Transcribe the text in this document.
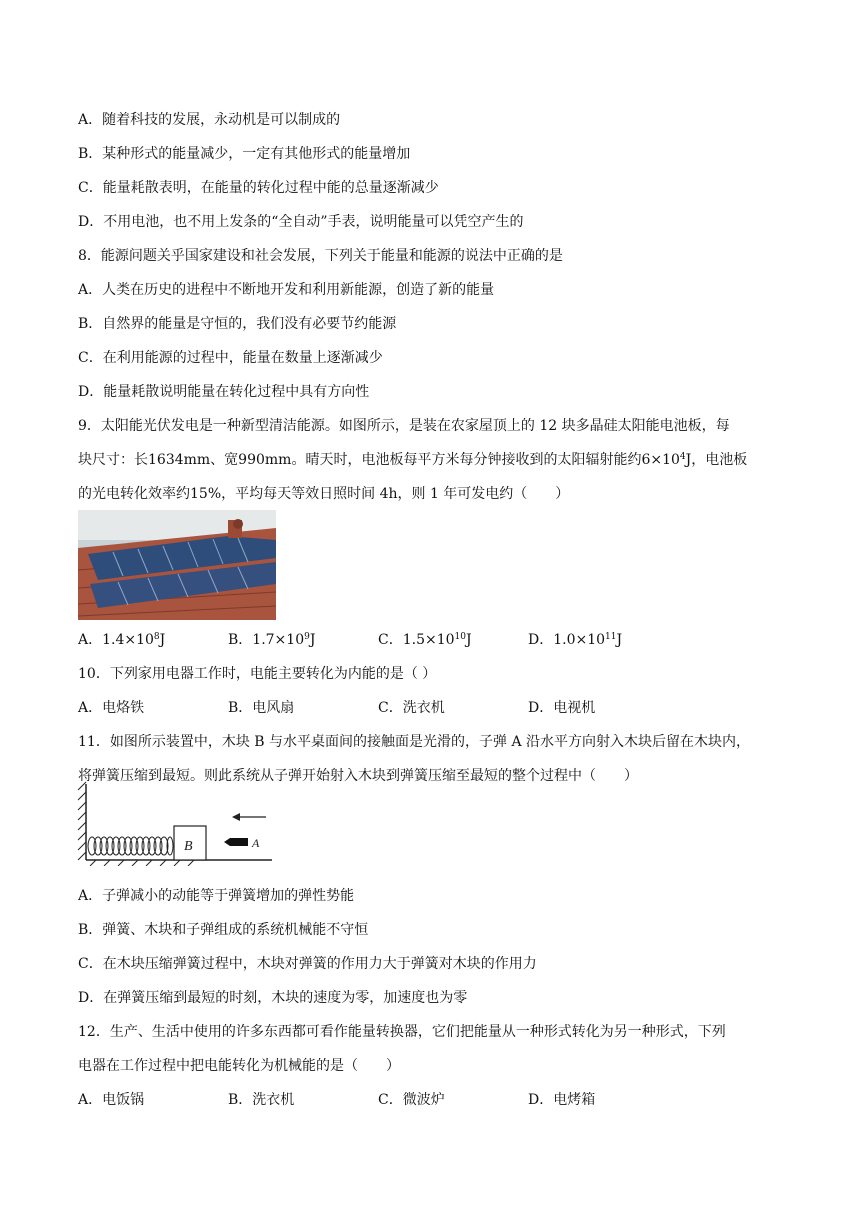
A．随着科技的发展，永动机是可以制成的
B．某种形式的能量减少，一定有其他形式的能量增加
C．能量耗散表明，在能量的转化过程中能的总量逐渐减少
D．不用电池，也不用上发条的“全自动”手表，说明能量可以凭空产生的
8．能源问题关乎国家建设和社会发展，下列关于能量和能源的说法中正确的是
A．人类在历史的进程中不断地开发和利用新能源，创造了新的能量
B．自然界的能量是守恒的，我们没有必要节约能源
C．在利用能源的过程中，能量在数量上逐渐减少
D．能量耗散说明能量在转化过程中具有方向性
9．太阳能光伏发电是一种新型清洁能源。如图所示，是装在农家屋顶上的 12 块多晶硅太阳能电池板，每
块尺寸：长1634mm、宽990mm。晴天时，电池板每平方米每分钟接收到的太阳辐射能约$6\times 10^4J$，电池板
的光电转化效率约15%，平均每天等效日照时间 4h，则 1 年可发电约（　　）
A．$1.4\times 10^8J$	B．$1.7\times 10^9J$	C．$1.5\times 10^{10}J$	D．$1.0\times 10^{11}J$
10．下列家用电器工作时，电能主要转化为内能的是（ ）
A．电烙铁	B．电风扇	C．洗衣机	D．电视机
11．如图所示装置中，木块 B 与水平桌面间的接触面是光滑的，子弹 A 沿水平方向射入木块后留在木块内，
将弹簧压缩到最短。则此系统从子弹开始射入木块到弹簧压缩至最短的整个过程中（　　）
B	A
A．子弹减小的动能等于弹簧增加的弹性势能
B．弹簧、木块和子弹组成的系统机械能不守恒
C．在木块压缩弹簧过程中，木块对弹簧的作用力大于弹簧对木块的作用力
D．在弹簧压缩到最短的时刻，木块的速度为零，加速度也为零
12．生产、生活中使用的许多东西都可看作能量转换器，它们把能量从一种形式转化为另一种形式，下列
电器在工作过程中把电能转化为机械能的是（　　）
A．电饭锅	B．洗衣机	C．微波炉	D．电烤箱
